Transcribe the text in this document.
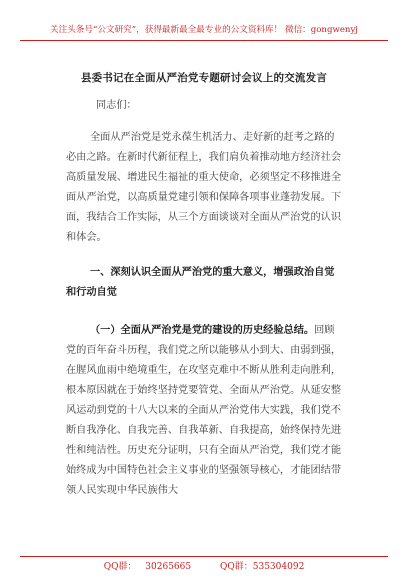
关注头条号“公文研究”，获得最新最全最专业的公文资料库！ 微信：gongwenyj
县委书记在全面从严治党专题研讨会议上的交流发言
同志们：
全面从严治党是党永葆生机活力、走好新的赶考之路的必由之路。在新时代新征程上，我们肩负着推动地方经济社会高质量发展、增进民生福祉的重大使命，必须坚定不移推进全面从严治党，以高质量党建引领和保障各项事业蓬勃发展。下面，我结合工作实际，从三个方面谈谈对全面从严治党的认识和体会。
一、深刻认识全面从严治党的重大意义，增强政治自觉和行动自觉
（一）全面从严治党是党的建设的历史经验总结。回顾党的百年奋斗历程，我们党之所以能够从小到大、由弱到强，在腥风血雨中绝境重生，在攻坚克难中不断从胜利走向胜利，根本原因就在于始终坚持党要管党、全面从严治党。从延安整风运动到党的十八大以来的全面从严治党伟大实践，我们党不断自我净化、自我完善、自我革新、自我提高，始终保持先进性和纯洁性。历史充分证明，只有全面从严治党，我们党才能始终成为中国特色社会主义事业的坚强领导核心，才能团结带领人民实现中华民族伟大
QQ群： 30265665	QQ群：535304092
